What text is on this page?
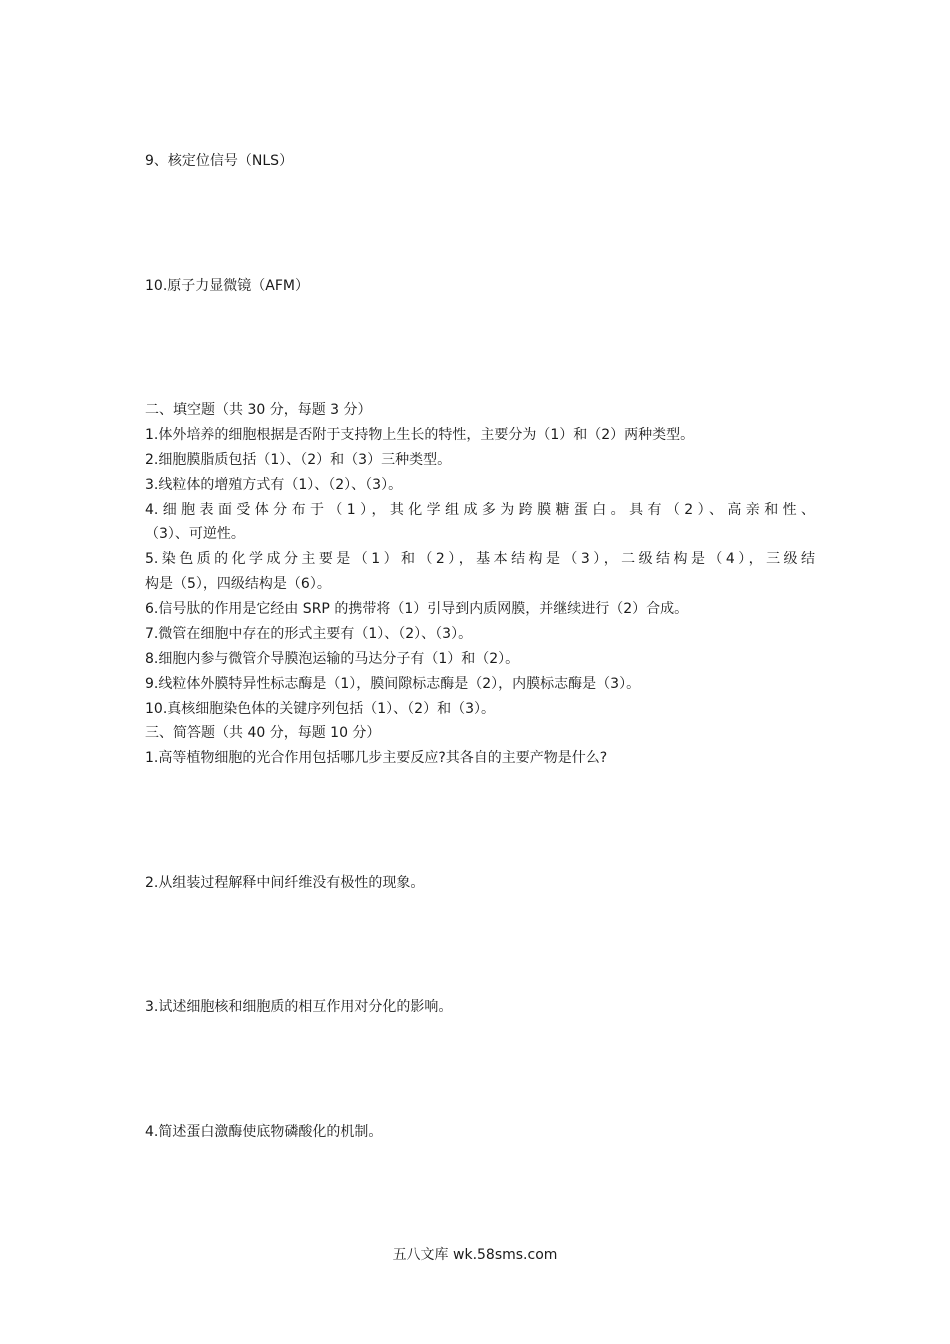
9、核定位信号（NLS）
10.原子力显微镜（AFM）
二、填空题（共 30 分，每题 3 分）
1.体外培养的细胞根据是否附于支持物上生长的特性，主要分为（1）和（2）两种类型。
2.细胞膜脂质包括（1）、（2）和（3）三种类型。
3.线粒体的增殖方式有（1）、（2）、（3）。
4.细胞表面受体分布于（1），其化学组成多为跨膜糖蛋白。具有（2）、高亲和性、
（3）、可逆性。
5.染色质的化学成分主要是（1）和（2），基本结构是（3），二级结构是（4），三级结
构是（5），四级结构是（6）。
6.信号肽的作用是它经由 SRP 的携带将（1）引导到内质网膜，并继续进行（2）合成。
7.微管在细胞中存在的形式主要有（1）、（2）、（3）。
8.细胞内参与微管介导膜泡运输的马达分子有（1）和（2）。
9.线粒体外膜特异性标志酶是（1），膜间隙标志酶是（2），内膜标志酶是（3）。
10.真核细胞染色体的关键序列包括（1）、（2）和（3）。
三、简答题（共 40 分，每题 10 分）
1.高等植物细胞的光合作用包括哪几步主要反应?其各自的主要产物是什么?
2.从组装过程解释中间纤维没有极性的现象。
3.试述细胞核和细胞质的相互作用对分化的影响。
4.简述蛋白激酶使底物磷酸化的机制。
五八文库 wk.58sms.com
